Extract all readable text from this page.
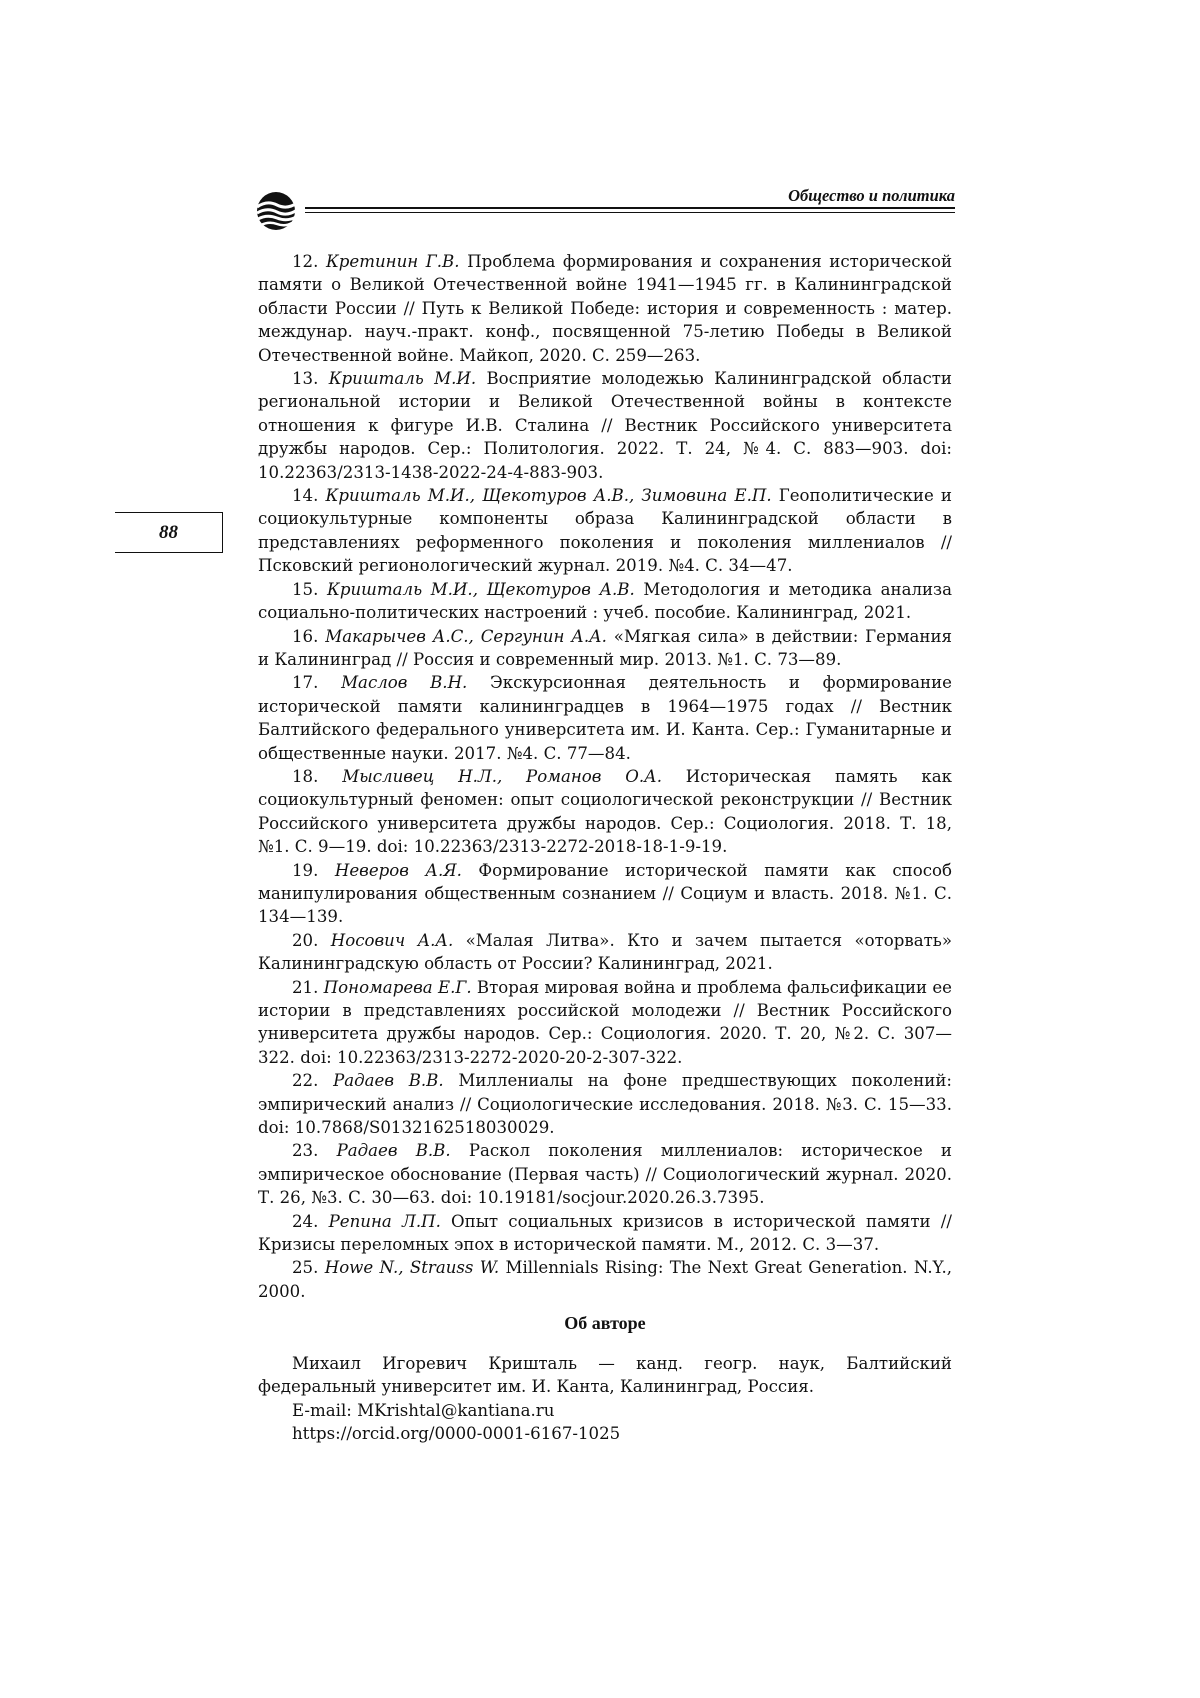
Общество и политика
88
12. Кретинин Г.В. Проблема формирования и сохранения исторической памяти о Великой Отечественной войне 1941—1945 гг. в Калининградской области России // Путь к Великой Победе: история и современность : матер. междунар. науч.-практ. конф., посвященной 75-летию Победы в Великой Отечественной войне. Майкоп, 2020. С. 259—263.
13. Кришталь М.И. Восприятие молодежью Калининградской области региональной истории и Великой Отечественной войны в контексте отношения к фигуре И.В. Сталина // Вестник Российского университета дружбы народов. Сер.: Политология. 2022. Т. 24, №4. С. 883—903. doi: 10.22363/2313-1438-2022-24-4-883-903.
14. Кришталь М.И., Щекотуров А.В., Зимовина Е.П. Геополитические и социокультурные компоненты образа Калининградской области в представлениях реформенного поколения и поколения миллениалов // Псковский регионологический журнал. 2019. №4. С. 34—47.
15. Кришталь М.И., Щекотуров А.В. Методология и методика анализа социально-политических настроений : учеб. пособие. Калининград, 2021.
16. Макарычев А.С., Сергунин А.А. «Мягкая сила» в действии: Германия и Калининград // Россия и современный мир. 2013. №1. С. 73—89.
17. Маслов В.Н. Экскурсионная деятельность и формирование исторической памяти калининградцев в 1964—1975 годах // Вестник Балтийского федерального университета им. И. Канта. Сер.: Гуманитарные и общественные науки. 2017. №4. С. 77—84.
18. Мысливец Н.Л., Романов О.А. Историческая память как социокультурный феномен: опыт социологической реконструкции // Вестник Российского университета дружбы народов. Сер.: Социология. 2018. Т. 18, №1. С. 9—19. doi: 10.22363/2313-2272-2018-18-1-9-19.
19. Неверов А.Я. Формирование исторической памяти как способ манипулирования общественным сознанием // Социум и власть. 2018. №1. С. 134—139.
20. Носович А.А. «Малая Литва». Кто и зачем пытается «оторвать» Калининградскую область от России? Калининград, 2021.
21. Пономарева Е.Г. Вторая мировая война и проблема фальсификации ее истории в представлениях российской молодежи // Вестник Российского университета дружбы народов. Сер.: Социология. 2020. Т. 20, №2. С. 307—322. doi: 10.22363/2313-2272-2020-20-2-307-322.
22. Радаев В.В. Миллениалы на фоне предшествующих поколений: эмпирический анализ // Социологические исследования. 2018. №3. С. 15—33. doi: 10.7868/S0132162518030029.
23. Радаев В.В. Раскол поколения миллениалов: историческое и эмпирическое обоснование (Первая часть) // Социологический журнал. 2020. Т. 26, №3. С. 30—63. doi: 10.19181/socjour.2020.26.3.7395.
24. Репина Л.П. Опыт социальных кризисов в исторической памяти // Кризисы переломных эпох в исторической памяти. М., 2012. С. 3—37.
25. Howe N., Strauss W. Millennials Rising: The Next Great Generation. N.Y., 2000.
Об авторе

Михаил Игоревич Кришталь — канд. геогр. наук, Балтийский федеральный университет им. И. Канта, Калининград, Россия.

E-mail: MKrishtal@kantiana.ru

https://orcid.org/0000-0001-6167-1025
